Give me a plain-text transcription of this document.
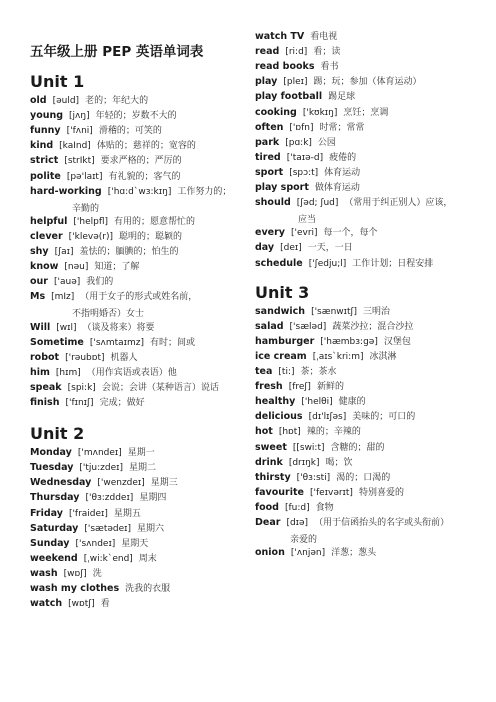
五年级上册 PEP 英语单词表
Unit 1
old [əuld] 老的；年纪大的
young [jʌŋ] 年轻的；岁数不大的
funny ['fʌni] 滑稽的；可笑的
kind [kaInd] 体贴的；慈祥的；宽容的
strict [strIkt] 要求严格的；严厉的
polite [pə'laɪt] 有礼貌的；客气的
hard-working ['hɑ:d`wɜ:kɪŋ] 工作努力的；
辛勤的
helpful ['helpfl] 有用的；愿意帮忙的
clever ['klevə(r)] 聪明的；聪颖的
shy [ʃaɪ] 羞怯的；腼腆的；怕生的
know [nəu] 知道；了解
our ['auə] 我们的
Ms [mIz] （用于女子的形式或姓名前，
不指明婚否）女士
Will [wɪl] （谈及将来）将要
Sometime ['sʌmtaɪmz] 有时；间或
robot ['rəubɒt] 机器人
him [hɪm] （用作宾语或表语）他
speak [spi:k] 会说；会讲（某种语言）说话
finish ['fɪnɪʃ] 完成；做好
Unit 2
Monday ['mʌndeɪ] 星期一
Tuesday ['tju:zdeɪ] 星期二
Wednesday ['wenzdeɪ] 星期三
Thursday ['θɜ:zddeɪ] 星期四
Friday ['fraideɪ] 星期五
Saturday ['sætədeɪ] 星期六
Sunday ['sʌndeɪ] 星期天
weekend [ˌwi:k`end] 周末
wash [wɒʃ] 洗
wash my clothes 洗我的衣服
watch [wɒtʃ] 看
watch TV 看电视
read [ri:d] 看；读
read books 看书
play [pleɪ] 踢；玩；参加（体育运动）
play football 踢足球
cooking ['kʊkɪŋ] 烹饪；烹调
often ['ɒfn] 时常；常常
park [pɑ:k] 公园
tired ['taɪə-d] 疲倦的
sport [spɔ:t] 体育运动
play sport 做体育运动
should [ʃəd; ʃud] （常用于纠正别人）应该，
应当
every ['evri] 每一个，每个
day [deɪ] 一天，一日
schedule ['ʃedju;l] 工作计划；日程安排
Unit 3
sandwich ['sænwɪtʃ] 三明治
salad ['sæləd] 蔬菜沙拉；混合沙拉
hamburger ['hæmbɜ:gə] 汉堡包
ice cream [ˌaɪs`kri:m] 冰淇淋
tea [ti:] 茶；茶水
fresh [freʃ] 新鲜的
healthy ['helθi] 健康的
delicious [dɪ'lɪʃəs] 美味的；可口的
hot [hɒt] 辣的；辛辣的
sweet [[swi:t] 含糖的；甜的
drink [drɪŋk] 喝；饮
thirsty ['θɜ:sti] 渴的；口渴的
favourite ['feɪvərɪt] 特别喜爱的
food [fu:d] 食物
Dear [dɪə] （用于信函抬头的名字或头衔前）
亲爱的
onion ['ʌnjən] 洋葱；葱头
